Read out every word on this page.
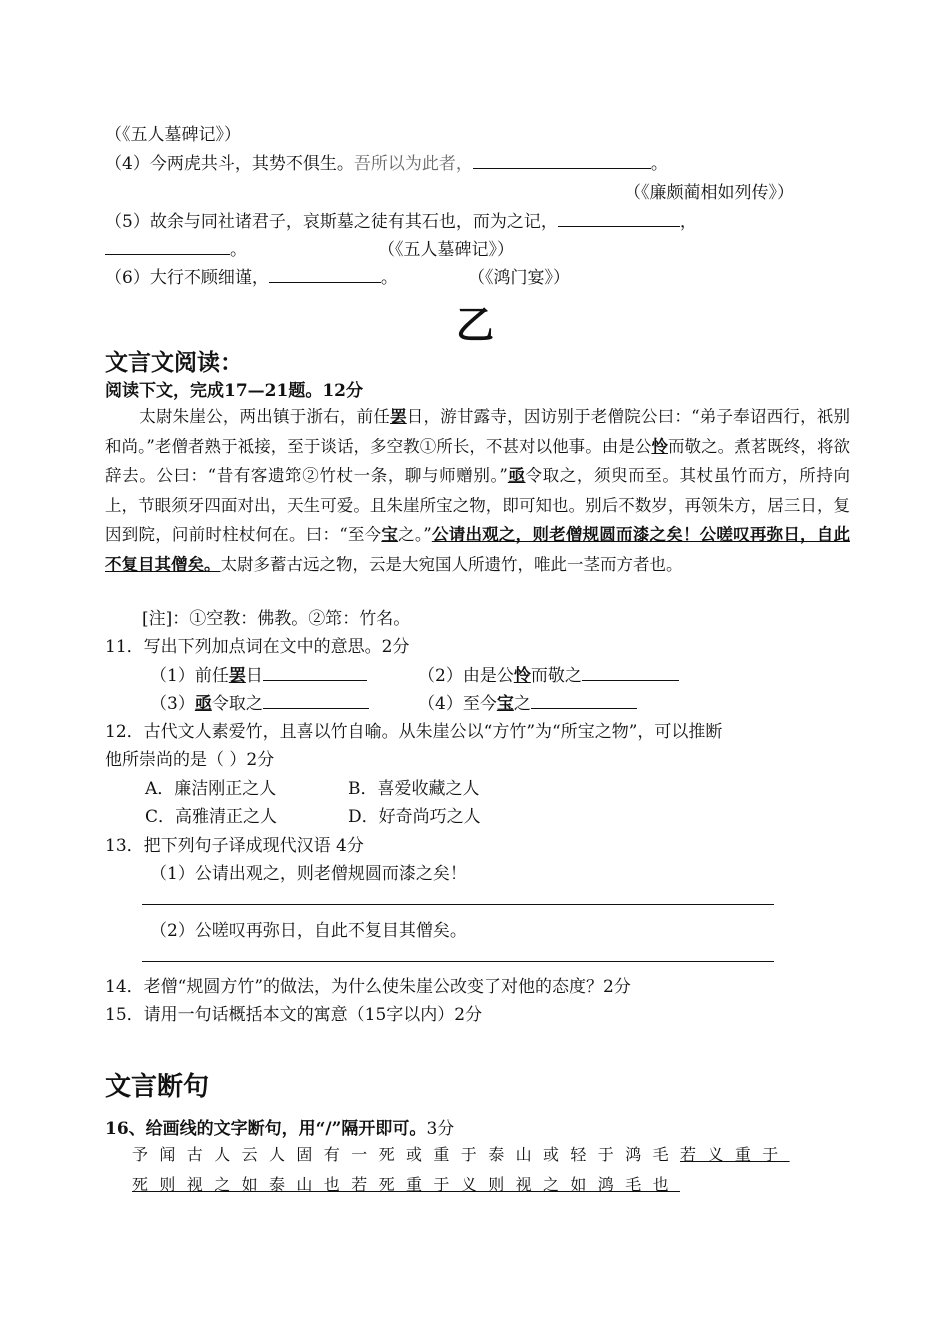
（《五人墓碑记》）
（4）今两虎共斗，其势不俱生。吾所以为此者，	。
（《廉颇蔺相如列传》）
（5）故余与同社诸君子，哀斯墓之徒有其石也，而为之记，	，
。	（《五人墓碑记》）
（6）大行不顾细谨，	。	（《鸿门宴》）
乙
文言文阅读：
阅读下文，完成17—21题。12分
太尉朱崖公，两出镇于浙右，前任罢日，游甘露寺，因访别于老僧院公曰：“弟子奉诏西行，祇别和尚。”老僧者熟于祗接，至于谈话，多空教①所长，不甚对以他事。由是公怜而敬之。煮茗既终，将欲辞去。公曰：“昔有客遗筇②竹杖一条，聊与师赠别。”亟令取之，须臾而至。其杖虽竹而方，所持向上，节眼须牙四面对出，天生可爱。且朱崖所宝之物，即可知也。别后不数岁，再领朱方，居三日，复因到院，问前时柱杖何在。曰：“至今宝之。”公请出观之，则老僧规圆而漆之矣！公嗟叹再弥日，自此不复目其僧矣。太尉多蓄古远之物，云是大宛国人所遗竹，唯此一茎而方者也。
[注]：①空教：佛教。②筇：竹名。
11．写出下列加点词在文中的意思。2分
（1）前任罢日	（2）由是公怜而敬之
（3）亟令取之	（4）至今宝之
12．古代文人素爱竹，且喜以竹自喻。从朱崖公以“方竹”为“所宝之物”，可以推断
他所崇尚的是（ ）2分
A．廉洁刚正之人	B．喜爱收藏之人
C．高雅清正之人	D．好奇尚巧之人
13．把下列句子译成现代汉语 4分
（1）公请出观之，则老僧规圆而漆之矣！
（2）公嗟叹再弥日，自此不复目其僧矣。
14．老僧“规圆方竹”的做法，为什么使朱崖公改变了对他的态度？2分
15．请用一句话概括本文的寓意（15字以内）2分
文言断句
16、给画线的文字断句，用“/”隔开即可。3分
予闻古人云人固有一死或重于泰山或轻于鸿毛若义重于
死则视之如泰山也若死重于义则视之如鸿毛也
